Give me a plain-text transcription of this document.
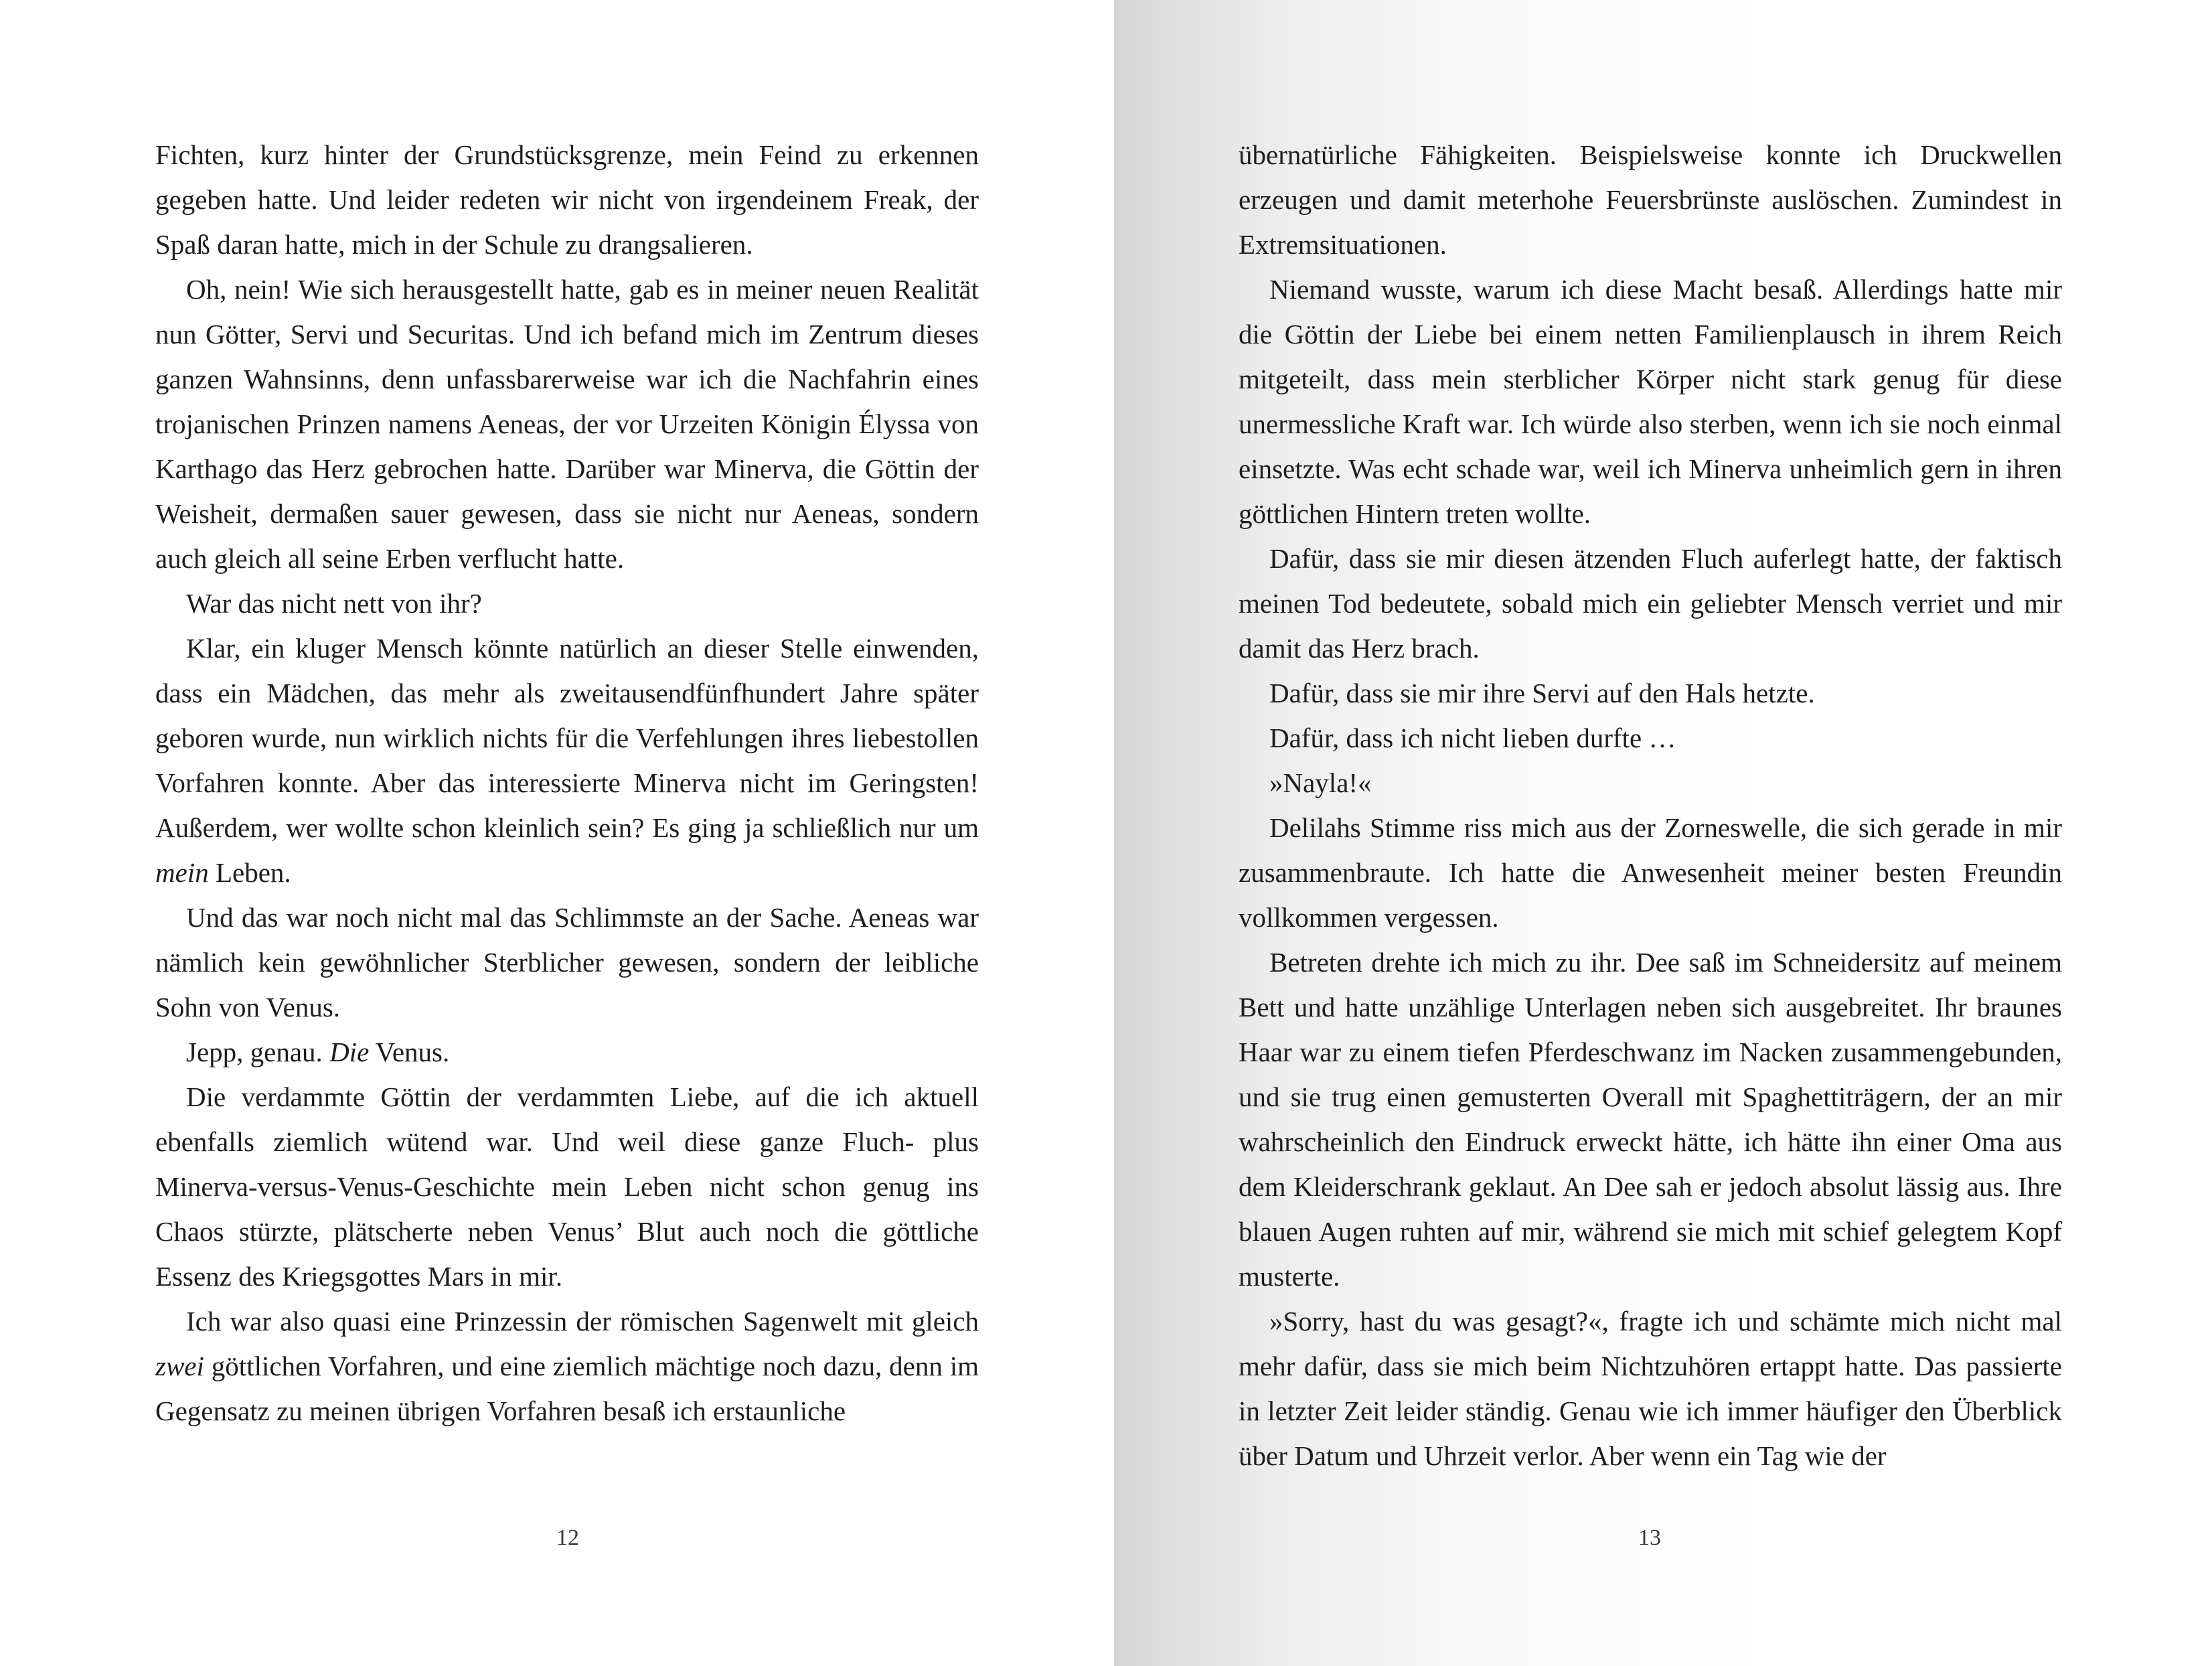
Fichten, kurz hinter der Grundstücksgrenze, mein Feind zu erkennen gegeben hatte. Und leider redeten wir nicht von irgendeinem Freak, der Spaß daran hatte, mich in der Schule zu drangsalieren.

Oh, nein! Wie sich herausgestellt hatte, gab es in meiner neuen Realität nun Götter, Servi und Securitas. Und ich befand mich im Zentrum dieses ganzen Wahnsinns, denn unfassbarerweise war ich die Nachfahrin eines trojanischen Prinzen namens Aeneas, der vor Urzeiten Königin Élyssa von Karthago das Herz gebrochen hatte. Darüber war Minerva, die Göttin der Weisheit, dermaßen sauer gewesen, dass sie nicht nur Aeneas, sondern auch gleich all seine Erben verflucht hatte.

War das nicht nett von ihr?

Klar, ein kluger Mensch könnte natürlich an dieser Stelle einwenden, dass ein Mädchen, das mehr als zweitausendfünfhundert Jahre später geboren wurde, nun wirklich nichts für die Verfehlungen ihres liebestollen Vorfahren konnte. Aber das interessierte Minerva nicht im Geringsten! Außerdem, wer wollte schon kleinlich sein? Es ging ja schließlich nur um mein Leben.

Und das war noch nicht mal das Schlimmste an der Sache. Aeneas war nämlich kein gewöhnlicher Sterblicher gewesen, sondern der leibliche Sohn von Venus.

Jepp, genau. Die Venus.

Die verdammte Göttin der verdammten Liebe, auf die ich aktuell ebenfalls ziemlich wütend war. Und weil diese ganze Fluch- plus Minerva-versus-Venus-Geschichte mein Leben nicht schon genug ins Chaos stürzte, plätscherte neben Venus’ Blut auch noch die göttliche Essenz des Kriegsgottes Mars in mir.

Ich war also quasi eine Prinzessin der römischen Sagenwelt mit gleich zwei göttlichen Vorfahren, und eine ziemlich mächtige noch dazu, denn im Gegensatz zu meinen übrigen Vorfahren besaß ich erstaunliche

12

übernatürliche Fähigkeiten. Beispielsweise konnte ich Druckwellen erzeugen und damit meterhohe Feuersbrünste auslöschen. Zumindest in Extremsituationen.

Niemand wusste, warum ich diese Macht besaß. Allerdings hatte mir die Göttin der Liebe bei einem netten Familienplausch in ihrem Reich mitgeteilt, dass mein sterblicher Körper nicht stark genug für diese unermessliche Kraft war. Ich würde also sterben, wenn ich sie noch einmal einsetzte. Was echt schade war, weil ich Minerva unheimlich gern in ihren göttlichen Hintern treten wollte.

Dafür, dass sie mir diesen ätzenden Fluch auferlegt hatte, der faktisch meinen Tod bedeutete, sobald mich ein geliebter Mensch verriet und mir damit das Herz brach.

Dafür, dass sie mir ihre Servi auf den Hals hetzte.

Dafür, dass ich nicht lieben durfte …

»Nayla!«

Delilahs Stimme riss mich aus der Zorneswelle, die sich gerade in mir zusammenbraute. Ich hatte die Anwesenheit meiner besten Freundin vollkommen vergessen.

Betreten drehte ich mich zu ihr. Dee saß im Schneidersitz auf meinem Bett und hatte unzählige Unterlagen neben sich ausgebreitet. Ihr braunes Haar war zu einem tiefen Pferdeschwanz im Nacken zusammengebunden, und sie trug einen gemusterten Overall mit Spaghettiträgern, der an mir wahrscheinlich den Eindruck erweckt hätte, ich hätte ihn einer Oma aus dem Kleiderschrank geklaut. An Dee sah er jedoch absolut lässig aus. Ihre blauen Augen ruhten auf mir, während sie mich mit schief gelegtem Kopf musterte.

»Sorry, hast du was gesagt?«, fragte ich und schämte mich nicht mal mehr dafür, dass sie mich beim Nichtzuhören ertappt hatte. Das passierte in letzter Zeit leider ständig. Genau wie ich immer häufiger den Überblick über Datum und Uhrzeit verlor. Aber wenn ein Tag wie der

13
